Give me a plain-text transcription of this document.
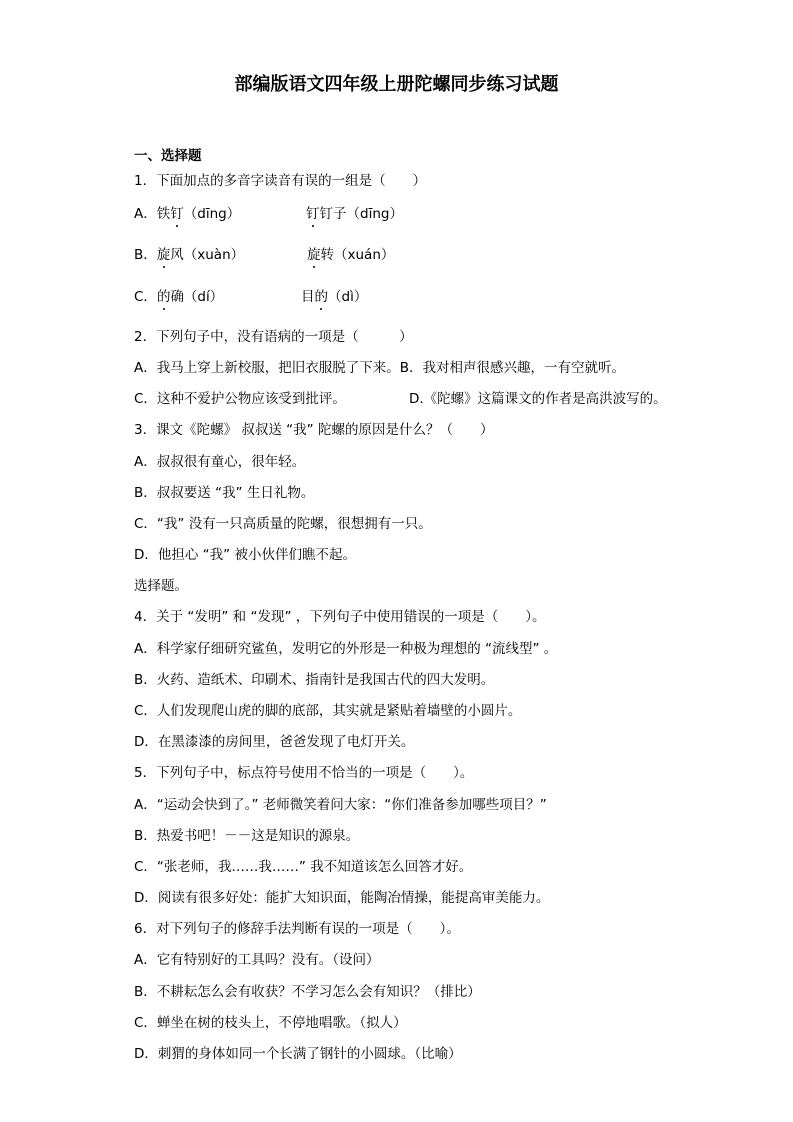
部编版语文四年级上册陀螺同步练习试题
一、选择题
1．下面加点的多音字读音有误的一组是（　　）
A．铁钉（dīng）	钉钉子（dīng）
B．旋风（xuàn）	旋转（xuán）
C．的确（dí）	目的（dì）
2．下列句子中，没有语病的一项是（　　　）
A．我马上穿上新校服，把旧衣服脱了下来。B．我对相声很感兴趣，一有空就听。
C．这种不爱护公物应该受到批评。	D.《陀螺》这篇课文的作者是高洪波写的。
3．课文《陀螺》 叔叔送 “我” 陀螺的原因是什么？（　　）
A．叔叔很有童心，很年轻。
B．叔叔要送 “我” 生日礼物。
C．“我” 没有一只高质量的陀螺，很想拥有一只。
D．他担心 “我” 被小伙伴们瞧不起。
选择题。
4．关于 “发明” 和 “发现” ，下列句子中使用错误的一项是（　　）。
A．科学家仔细研究鲨鱼，发明它的外形是一种极为理想的 “流线型” 。
B．火药、造纸术、印刷术、指南针是我国古代的四大发明。
C．人们发现爬山虎的脚的底部，其实就是紧贴着墙壁的小圆片。
D．在黑漆漆的房间里，爸爸发现了电灯开关。
5．下列句子中，标点符号使用不恰当的一项是（　　）。
A．“运动会快到了。” 老师微笑着问大家：“你们准备参加哪些项目？”
B．热爱书吧！－－这是知识的源泉。
C．“张老师，我……我……” 我不知道该怎么回答才好。
D．阅读有很多好处：能扩大知识面，能陶冶情操，能提高审美能力。
6．对下列句子的修辞手法判断有误的一项是（　　）。
A．它有特别好的工具吗？没有。（设问）
B．不耕耘怎么会有收获？不学习怎么会有知识？（排比）
C．蝉坐在树的枝头上，不停地唱歌。（拟人）
D．刺猬的身体如同一个长满了钢针的小圆球。（比喻）
